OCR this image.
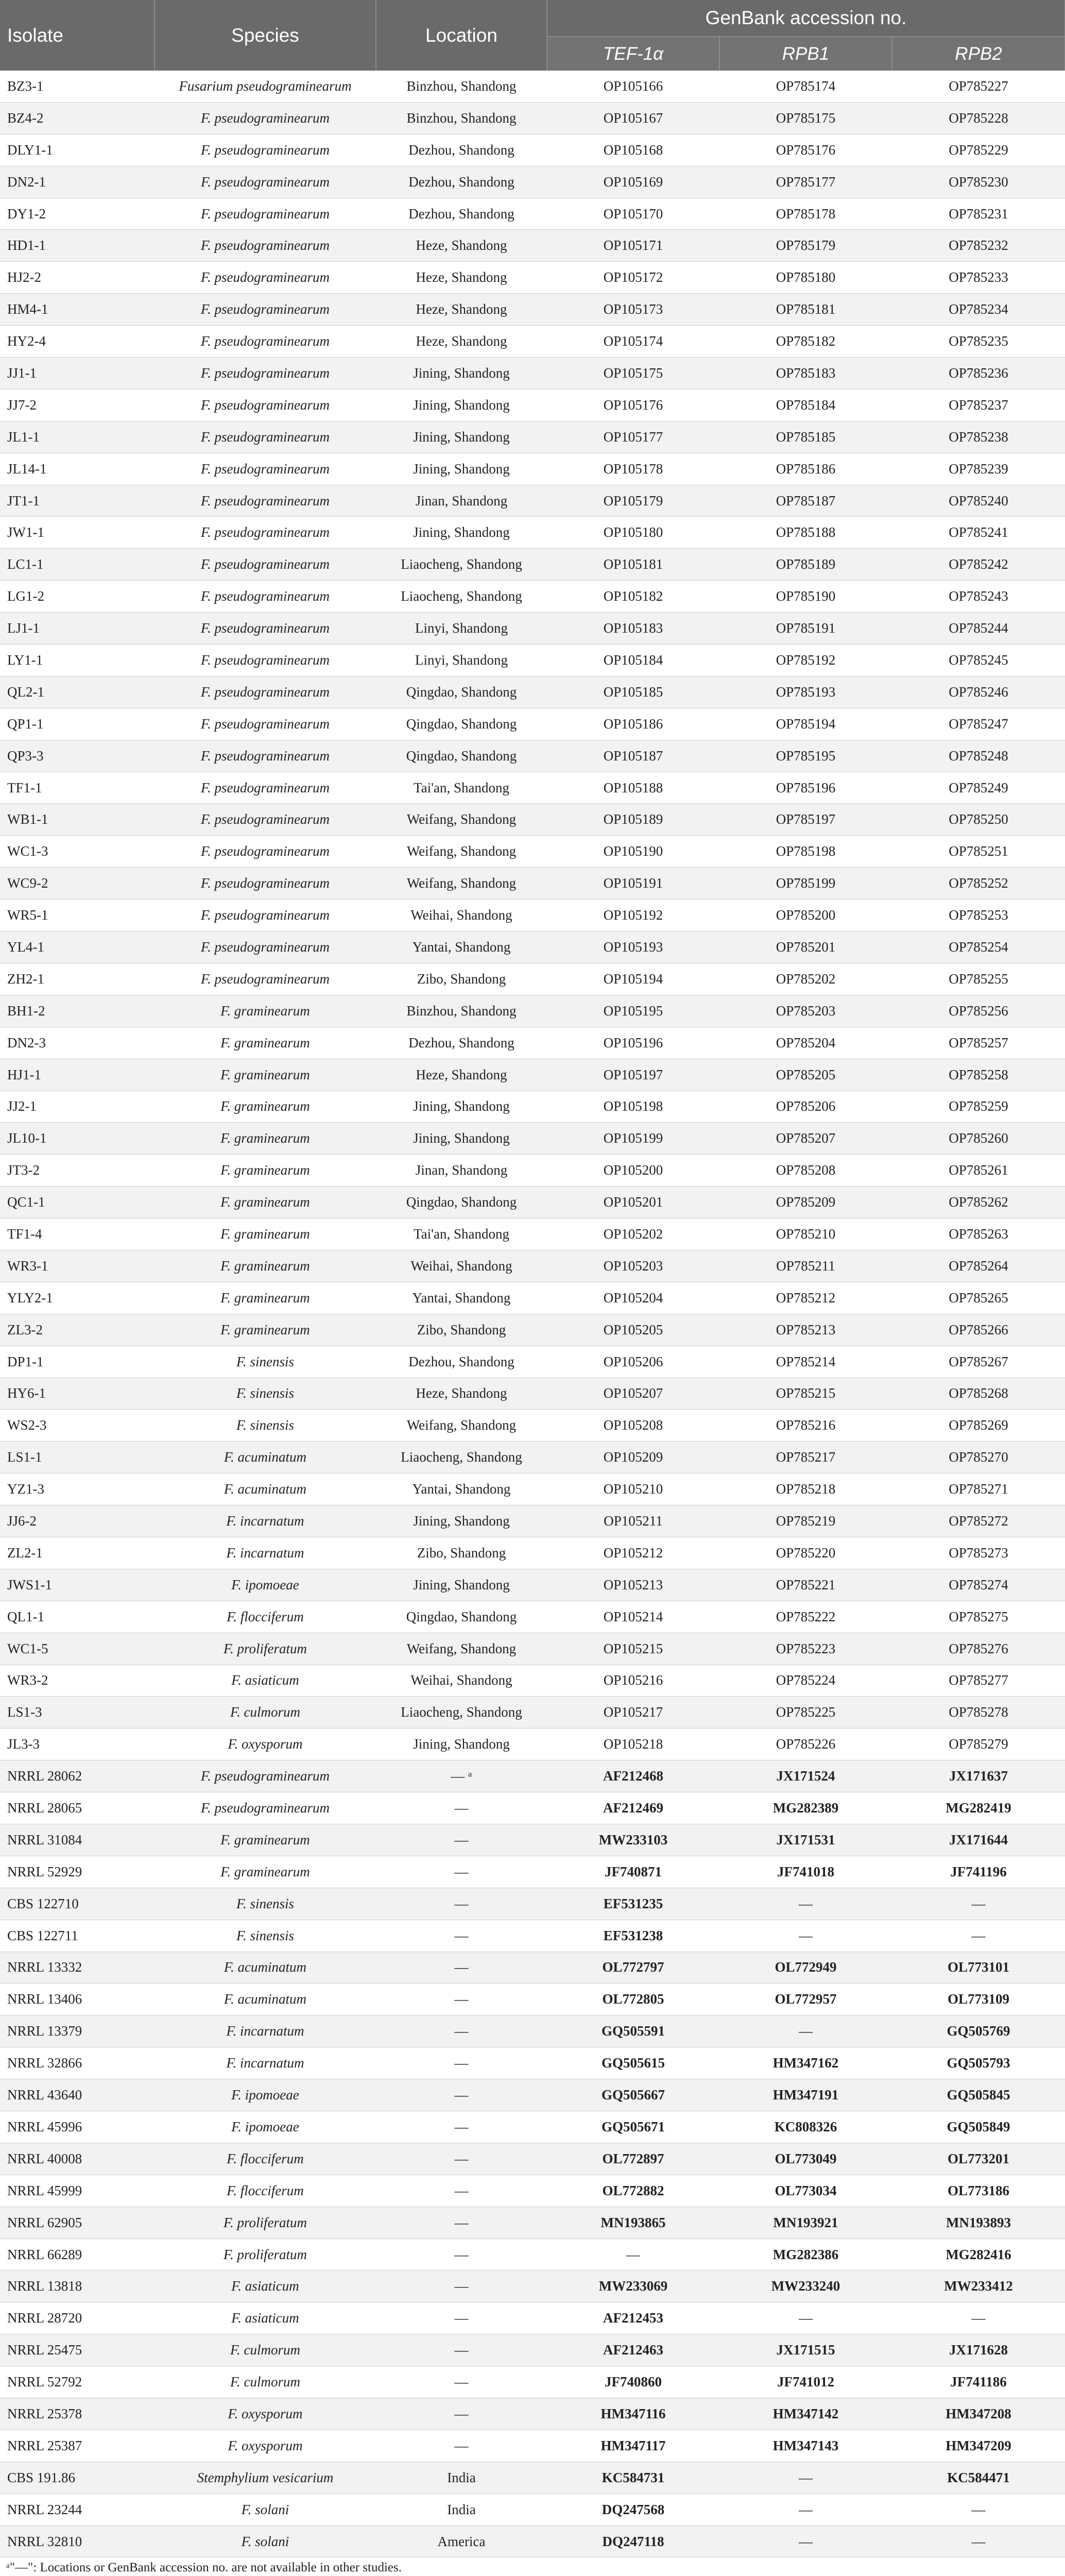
Isolate	Species	Location	GenBank accession no.		
			TEF-1α	RPB1	RPB2
BZ3-1	Fusarium pseudograminearum	Binzhou, Shandong	OP105166	OP785174	OP785227
BZ4-2	F. pseudograminearum	Binzhou, Shandong	OP105167	OP785175	OP785228
DLY1-1	F. pseudograminearum	Dezhou, Shandong	OP105168	OP785176	OP785229
DN2-1	F. pseudograminearum	Dezhou, Shandong	OP105169	OP785177	OP785230
DY1-2	F. pseudograminearum	Dezhou, Shandong	OP105170	OP785178	OP785231
HD1-1	F. pseudograminearum	Heze, Shandong	OP105171	OP785179	OP785232
HJ2-2	F. pseudograminearum	Heze, Shandong	OP105172	OP785180	OP785233
HM4-1	F. pseudograminearum	Heze, Shandong	OP105173	OP785181	OP785234
HY2-4	F. pseudograminearum	Heze, Shandong	OP105174	OP785182	OP785235
JJ1-1	F. pseudograminearum	Jining, Shandong	OP105175	OP785183	OP785236
JJ7-2	F. pseudograminearum	Jining, Shandong	OP105176	OP785184	OP785237
JL1-1	F. pseudograminearum	Jining, Shandong	OP105177	OP785185	OP785238
JL14-1	F. pseudograminearum	Jining, Shandong	OP105178	OP785186	OP785239
JT1-1	F. pseudograminearum	Jinan, Shandong	OP105179	OP785187	OP785240
JW1-1	F. pseudograminearum	Jining, Shandong	OP105180	OP785188	OP785241
LC1-1	F. pseudograminearum	Liaocheng, Shandong	OP105181	OP785189	OP785242
LG1-2	F. pseudograminearum	Liaocheng, Shandong	OP105182	OP785190	OP785243
LJ1-1	F. pseudograminearum	Linyi, Shandong	OP105183	OP785191	OP785244
LY1-1	F. pseudograminearum	Linyi, Shandong	OP105184	OP785192	OP785245
QL2-1	F. pseudograminearum	Qingdao, Shandong	OP105185	OP785193	OP785246
QP1-1	F. pseudograminearum	Qingdao, Shandong	OP105186	OP785194	OP785247
QP3-3	F. pseudograminearum	Qingdao, Shandong	OP105187	OP785195	OP785248
TF1-1	F. pseudograminearum	Tai'an, Shandong	OP105188	OP785196	OP785249
WB1-1	F. pseudograminearum	Weifang, Shandong	OP105189	OP785197	OP785250
WC1-3	F. pseudograminearum	Weifang, Shandong	OP105190	OP785198	OP785251
WC9-2	F. pseudograminearum	Weifang, Shandong	OP105191	OP785199	OP785252
WR5-1	F. pseudograminearum	Weihai, Shandong	OP105192	OP785200	OP785253
YL4-1	F. pseudograminearum	Yantai, Shandong	OP105193	OP785201	OP785254
ZH2-1	F. pseudograminearum	Zibo, Shandong	OP105194	OP785202	OP785255
BH1-2	F. graminearum	Binzhou, Shandong	OP105195	OP785203	OP785256
DN2-3	F. graminearum	Dezhou, Shandong	OP105196	OP785204	OP785257
HJ1-1	F. graminearum	Heze, Shandong	OP105197	OP785205	OP785258
JJ2-1	F. graminearum	Jining, Shandong	OP105198	OP785206	OP785259
JL10-1	F. graminearum	Jining, Shandong	OP105199	OP785207	OP785260
JT3-2	F. graminearum	Jinan, Shandong	OP105200	OP785208	OP785261
QC1-1	F. graminearum	Qingdao, Shandong	OP105201	OP785209	OP785262
TF1-4	F. graminearum	Tai'an, Shandong	OP105202	OP785210	OP785263
WR3-1	F. graminearum	Weihai, Shandong	OP105203	OP785211	OP785264
YLY2-1	F. graminearum	Yantai, Shandong	OP105204	OP785212	OP785265
ZL3-2	F. graminearum	Zibo, Shandong	OP105205	OP785213	OP785266
DP1-1	F. sinensis	Dezhou, Shandong	OP105206	OP785214	OP785267
HY6-1	F. sinensis	Heze, Shandong	OP105207	OP785215	OP785268
WS2-3	F. sinensis	Weifang, Shandong	OP105208	OP785216	OP785269
LS1-1	F. acuminatum	Liaocheng, Shandong	OP105209	OP785217	OP785270
YZ1-3	F. acuminatum	Yantai, Shandong	OP105210	OP785218	OP785271
JJ6-2	F. incarnatum	Jining, Shandong	OP105211	OP785219	OP785272
ZL2-1	F. incarnatum	Zibo, Shandong	OP105212	OP785220	OP785273
JWS1-1	F. ipomoeae	Jining, Shandong	OP105213	OP785221	OP785274
QL1-1	F. flocciferum	Qingdao, Shandong	OP105214	OP785222	OP785275
WC1-5	F. proliferatum	Weifang, Shandong	OP105215	OP785223	OP785276
WR3-2	F. asiaticum	Weihai, Shandong	OP105216	OP785224	OP785277
LS1-3	F. culmorum	Liaocheng, Shandong	OP105217	OP785225	OP785278
JL3-3	F. oxysporum	Jining, Shandong	OP105218	OP785226	OP785279
NRRL 28062	F. pseudograminearum	— ᵃ	AF212468	JX171524	JX171637
NRRL 28065	F. pseudograminearum	—	AF212469	MG282389	MG282419
NRRL 31084	F. graminearum	—	MW233103	JX171531	JX171644
NRRL 52929	F. graminearum	—	JF740871	JF741018	JF741196
CBS 122710	F. sinensis	—	EF531235	—	—
CBS 122711	F. sinensis	—	EF531238	—	—
NRRL 13332	F. acuminatum	—	OL772797	OL772949	OL773101
NRRL 13406	F. acuminatum	—	OL772805	OL772957	OL773109
NRRL 13379	F. incarnatum	—	GQ505591	—	GQ505769
NRRL 32866	F. incarnatum	—	GQ505615	HM347162	GQ505793
NRRL 43640	F. ipomoeae	—	GQ505667	HM347191	GQ505845
NRRL 45996	F. ipomoeae	—	GQ505671	KC808326	GQ505849
NRRL 40008	F. flocciferum	—	OL772897	OL773049	OL773201
NRRL 45999	F. flocciferum	—	OL772882	OL773034	OL773186
NRRL 62905	F. proliferatum	—	MN193865	MN193921	MN193893
NRRL 66289	F. proliferatum	—	—	MG282386	MG282416
NRRL 13818	F. asiaticum	—	MW233069	MW233240	MW233412
NRRL 28720	F. asiaticum	—	AF212453	—	—
NRRL 25475	F. culmorum	—	AF212463	JX171515	JX171628
NRRL 52792	F. culmorum	—	JF740860	JF741012	JF741186
NRRL 25378	F. oxysporum	—	HM347116	HM347142	HM347208
NRRL 25387	F. oxysporum	—	HM347117	HM347143	HM347209
CBS 191.86	Stemphylium vesicarium	India	KC584731	—	KC584471
NRRL 23244	F. solani	India	DQ247568	—	—
NRRL 32810	F. solani	America	DQ247118	—	—

ᵃ"—": Locations or GenBank accession no. are not available in other studies.
